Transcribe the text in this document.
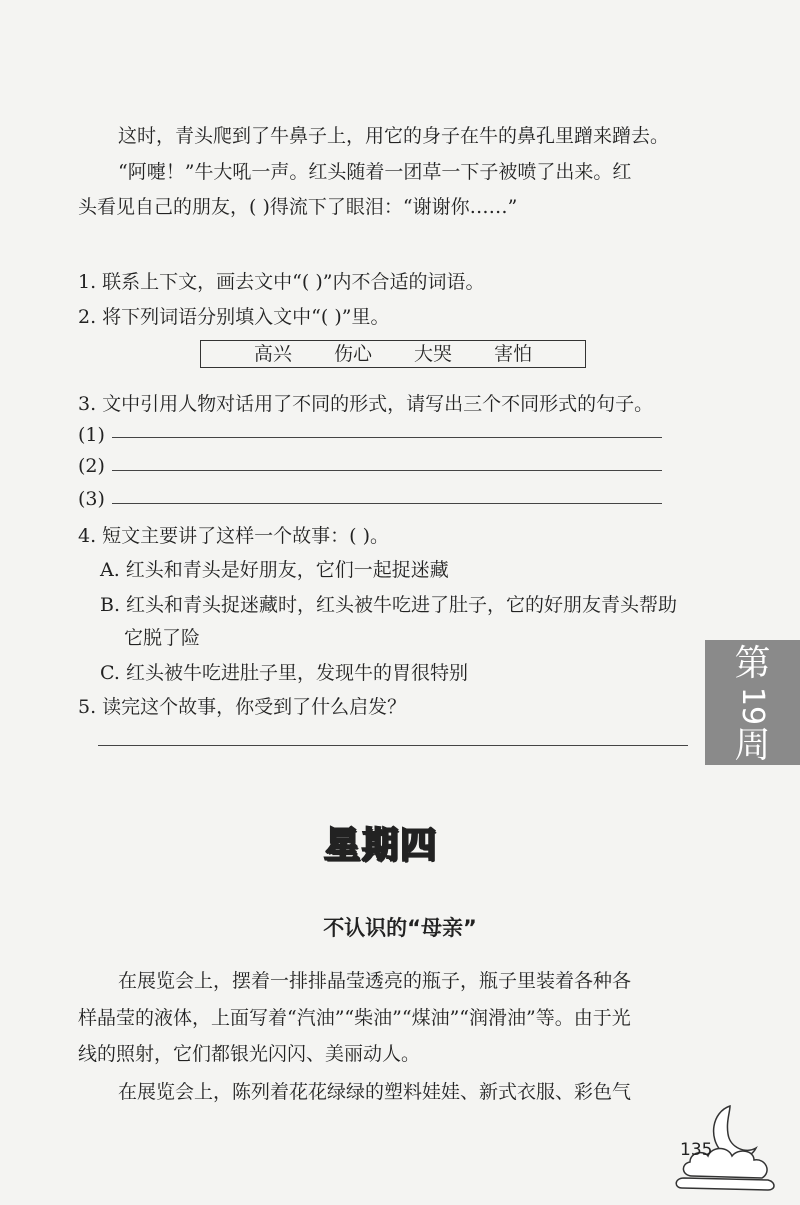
这时，青头爬到了牛鼻子上，用它的身子在牛的鼻孔里蹭来蹭去。
“阿嚏！”牛大吼一声。红头随着一团草一下子被喷了出来。红
头看见自己的朋友，( )得流下了眼泪：“谢谢你……”
1. 联系上下文，画去文中“( )”内不合适的词语。
2. 将下列词语分别填入文中“( )”里。
高兴 伤心 大哭 害怕
3. 文中引用人物对话用了不同的形式，请写出三个不同形式的句子。
(1)
(2)
(3)
4. 短文主要讲了这样一个故事：( )。
A. 红头和青头是好朋友，它们一起捉迷藏
B. 红头和青头捉迷藏时，红头被牛吃进了肚子，它的好朋友青头帮助
它脱了险
C. 红头被牛吃进肚子里，发现牛的胃很特别
5. 读完这个故事，你受到了什么启发？
第
19
周
星期四
不认识的“母亲”
在展览会上，摆着一排排晶莹透亮的瓶子，瓶子里装着各种各
样晶莹的液体，上面写着“汽油”“柴油”“煤油”“润滑油”等。由于光
线的照射，它们都银光闪闪、美丽动人。
在展览会上，陈列着花花绿绿的塑料娃娃、新式衣服、彩色气
135
